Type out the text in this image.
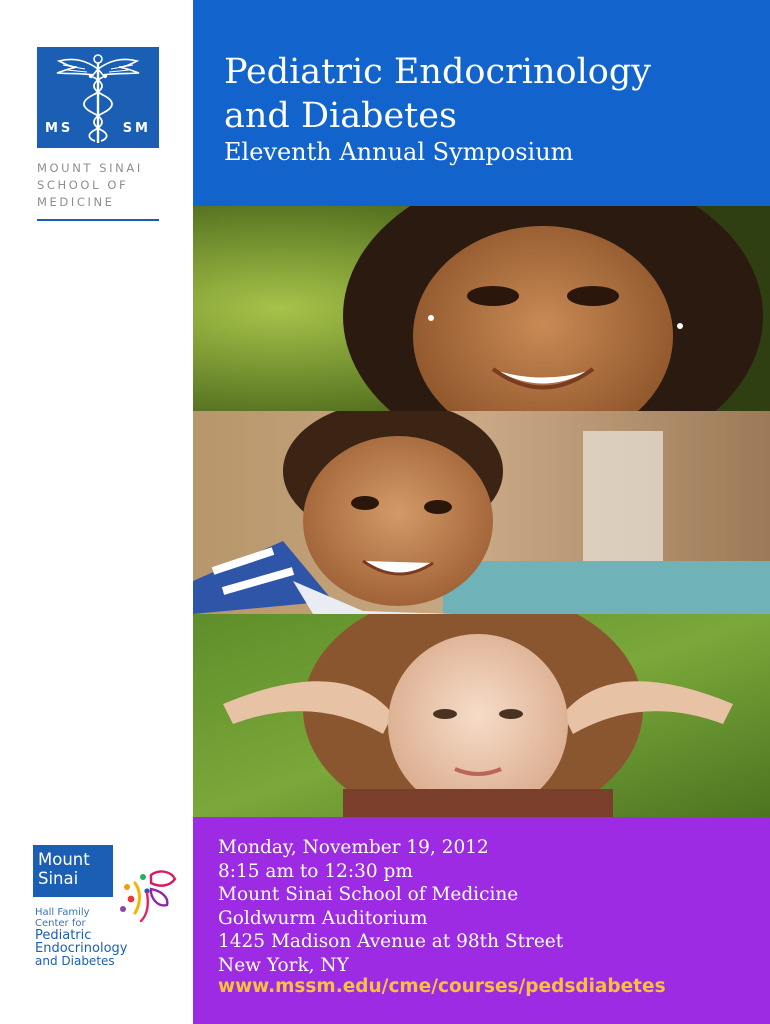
MS	SM
MOUNT SINAI
SCHOOL OF
MEDICINE
Mount
Sinai
Hall Family
Center for
Pediatric
Endocrinology
and Diabetes
Pediatric Endocrinology
and Diabetes
Eleventh Annual Symposium
Monday, November 19, 2012
8:15 am to 12:30 pm
Mount Sinai School of Medicine
Goldwurm Auditorium
1425 Madison Avenue at 98th Street
New York, NY
www.mssm.edu/cme/courses/pedsdiabetes
